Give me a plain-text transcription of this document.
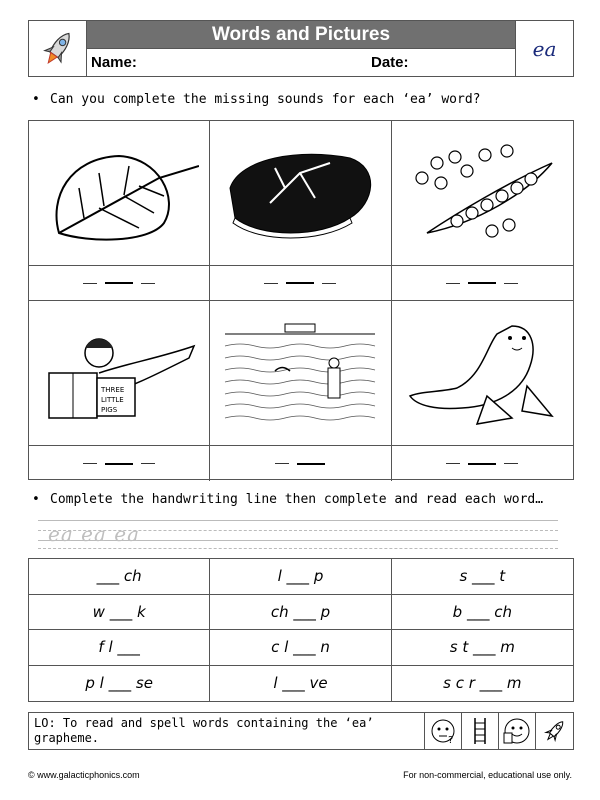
Words and Pictures
Name:	Date:
ea
• Can you complete the missing sounds for each ‘ea’ word?
THREE
LITTLE
PIGS
• Complete the handwriting line then complete and read each word…
ea ea ea
___ ch	l ___ p	s ___ t
w ___ k	ch ___ p	b ___ ch
f l ___	c l ___ n	s t ___ m
p l ___ se	l ___ ve	s c r ___ m
LO: To read and spell words containing the ‘ea’ grapheme.	?
© www.galacticphonics.com	For non-commercial, educational use only.
